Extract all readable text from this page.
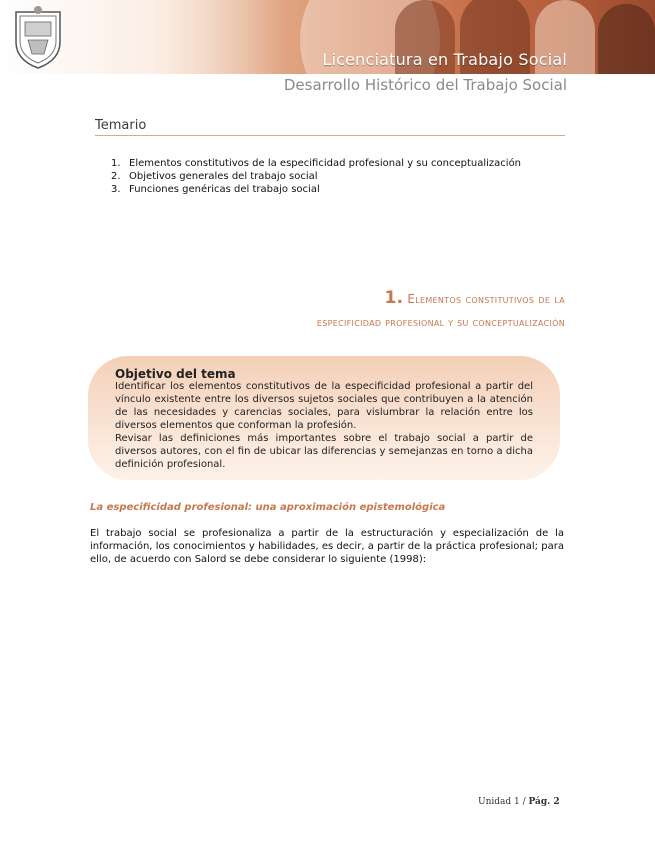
Licenciatura en Trabajo Social
Desarrollo Histórico del Trabajo Social
Temario
1. Elementos constitutivos de la especificidad profesional y su conceptualización
2. Objetivos generales del trabajo social
3. Funciones genéricas del trabajo social
1. Elementos constitutivos de la
especificidad profesional y su conceptualización
Objetivo del tema

Identificar los elementos constitutivos de la especificidad profesional a partir del vínculo existente entre los diversos sujetos sociales que contribuyen a la atención de las necesidades y carencias sociales, para vislumbrar la relación entre los diversos elementos que conforman la profesión.

Revisar las definiciones más importantes sobre el trabajo social a partir de diversos autores, con el fin de ubicar las diferencias y semejanzas en torno a dicha definición profesional.

La especificidad profesional: una aproximación epistemológica

El trabajo social se profesionaliza a partir de la estructuración y especialización de la información, los conocimientos y habilidades, es decir, a partir de la práctica profesional; para ello, de acuerdo con Salord se debe considerar lo siguiente (1998):

Unidad 1 / Pág. 2
